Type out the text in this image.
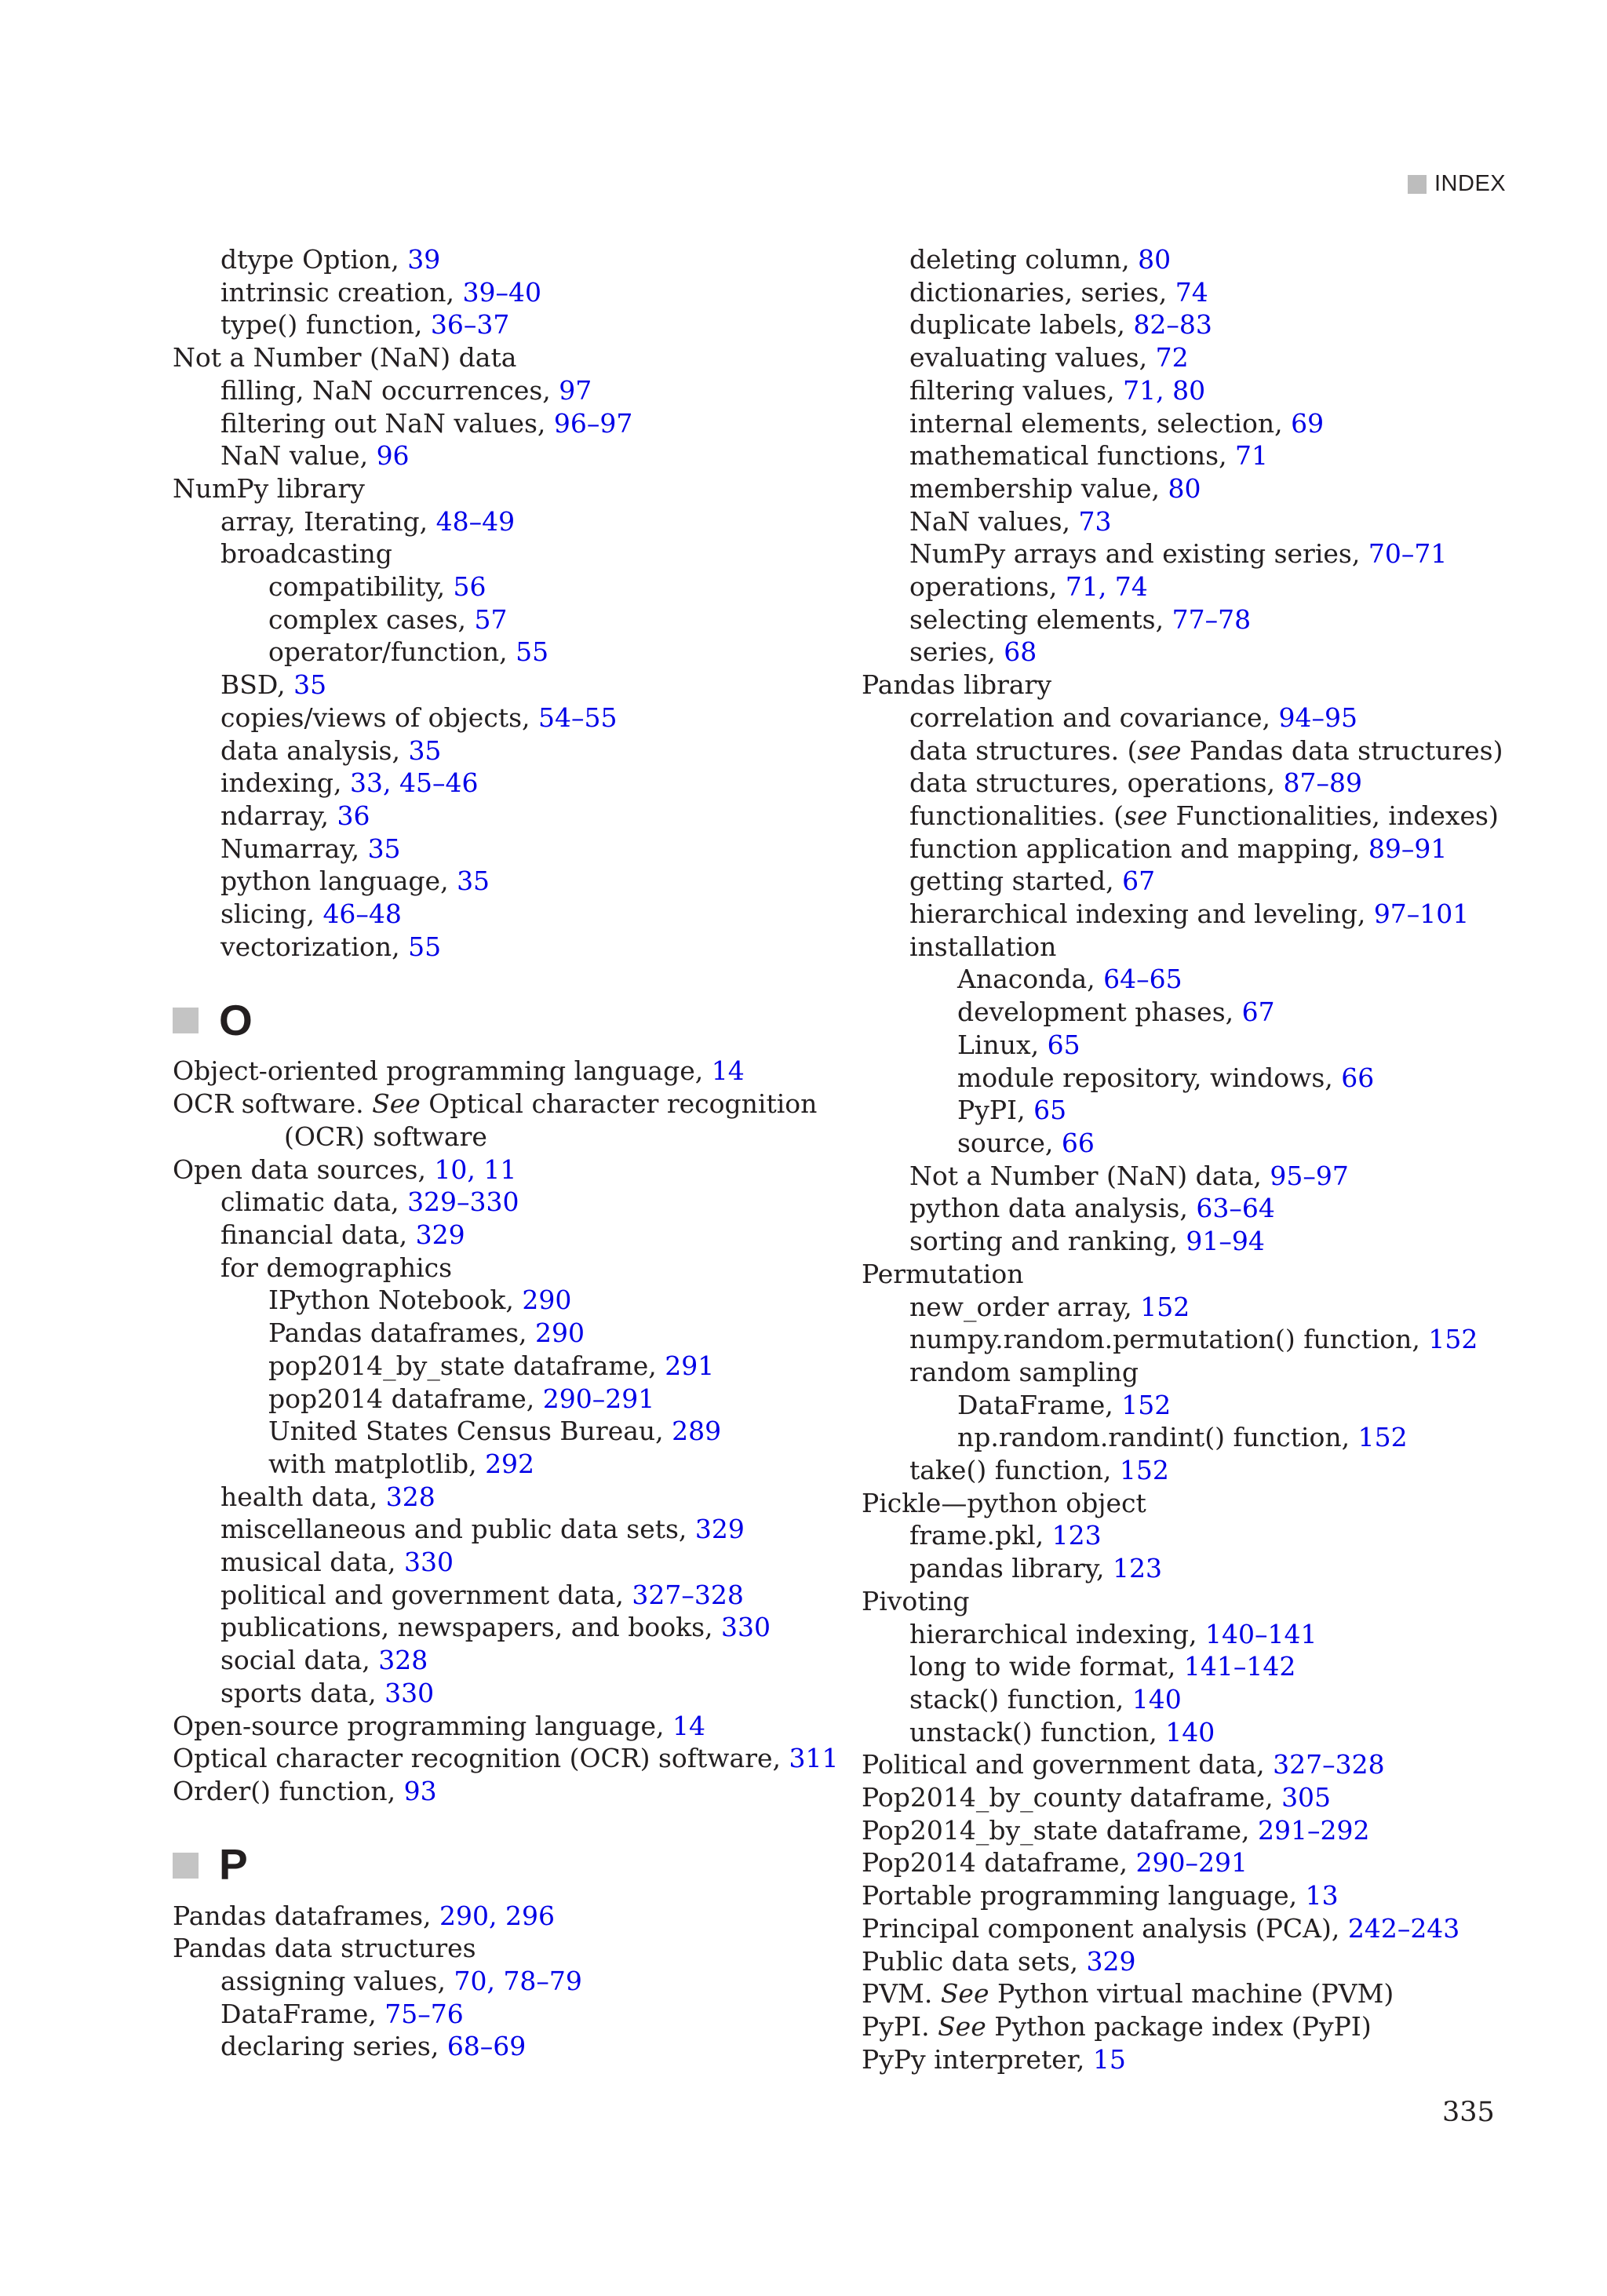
INDEX
dtype Option, 39
intrinsic creation, 39–40
type() function, 36–37
Not a Number (NaN) data
filling, NaN occurrences, 97
filtering out NaN values, 96–97
NaN value, 96
NumPy library
array, Iterating, 48–49
broadcasting
compatibility, 56
complex cases, 57
operator/function, 55
BSD, 35
copies/views of objects, 54–55
data analysis, 35
indexing, 33, 45–46
ndarray, 36
Numarray, 35
python language, 35
slicing, 46–48
vectorization, 55
O
Object-oriented programming language, 14
OCR software. See Optical character recognition
(OCR) software
Open data sources, 10, 11
climatic data, 329–330
financial data, 329
for demographics
IPython Notebook, 290
Pandas dataframes, 290
pop2014_by_state dataframe, 291
pop2014 dataframe, 290–291
United States Census Bureau, 289
with matplotlib, 292
health data, 328
miscellaneous and public data sets, 329
musical data, 330
political and government data, 327–328
publications, newspapers, and books, 330
social data, 328
sports data, 330
Open-source programming language, 14
Optical character recognition (OCR) software, 311
Order() function, 93
P
Pandas dataframes, 290, 296
Pandas data structures
assigning values, 70, 78–79
DataFrame, 75–76
declaring series, 68–69
deleting column, 80
dictionaries, series, 74
duplicate labels, 82–83
evaluating values, 72
filtering values, 71, 80
internal elements, selection, 69
mathematical functions, 71
membership value, 80
NaN values, 73
NumPy arrays and existing series, 70–71
operations, 71, 74
selecting elements, 77–78
series, 68
Pandas library
correlation and covariance, 94–95
data structures. (see Pandas data structures)
data structures, operations, 87–89
functionalities. (see Functionalities, indexes)
function application and mapping, 89–91
getting started, 67
hierarchical indexing and leveling, 97–101
installation
Anaconda, 64–65
development phases, 67
Linux, 65
module repository, windows, 66
PyPI, 65
source, 66
Not a Number (NaN) data, 95–97
python data analysis, 63–64
sorting and ranking, 91–94
Permutation
new_order array, 152
numpy.random.permutation() function, 152
random sampling
DataFrame, 152
np.random.randint() function, 152
take() function, 152
Pickle—python object
frame.pkl, 123
pandas library, 123
Pivoting
hierarchical indexing, 140–141
long to wide format, 141–142
stack() function, 140
unstack() function, 140
Political and government data, 327–328
Pop2014_by_county dataframe, 305
Pop2014_by_state dataframe, 291–292
Pop2014 dataframe, 290–291
Portable programming language, 13
Principal component analysis (PCA), 242–243
Public data sets, 329
PVM. See Python virtual machine (PVM)
PyPI. See Python package index (PyPI)
PyPy interpreter, 15
335
